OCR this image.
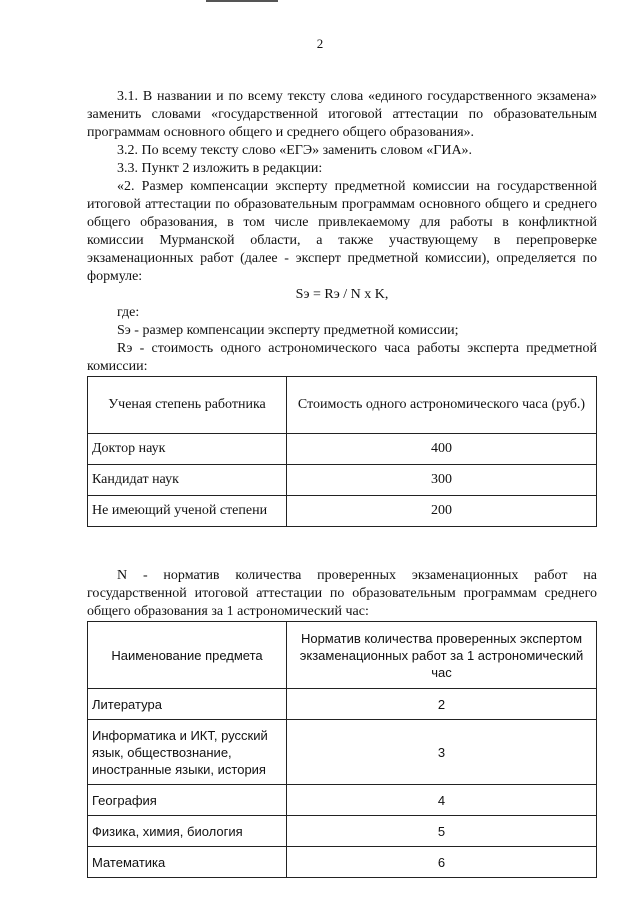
2
3.1. В названии и по всему тексту слова «единого государственного экзамена» заменить словами «государственной итоговой аттестации по образовательным программам основного общего и среднего общего образования».
3.2. По всему тексту слово «ЕГЭ» заменить словом «ГИА».
3.3. Пункт 2 изложить в редакции:
«2. Размер компенсации эксперту предметной комиссии на государственной итоговой аттестации по образовательным программам основного общего и среднего общего образования, в том числе привлекаемому для работы в конфликтной комиссии Мурманской области, а также участвующему в перепроверке экзаменационных работ (далее - эксперт предметной комиссии), определяется по формуле:
Sэ = Rэ / N x K,
где:
Sэ - размер компенсации эксперту предметной комиссии;
Rэ - стоимость одного астрономического часа работы эксперта предметной комиссии:
Ученая степень работника	Стоимость одного астрономического часа (руб.)
Доктор наук	400
Кандидат наук	300
Не имеющий ученой степени	200
N - норматив количества проверенных экзаменационных работ на государственной итоговой аттестации по образовательным программам среднего общего образования за 1 астрономический час:
Наименование предмета	Норматив количества проверенных экспертом экзаменационных работ за 1 астрономический час
Литература	2
Информатика и ИКТ, русский язык, обществознание, иностранные языки, история	3
География	4
Физика, химия, биология	5
Математика	6
